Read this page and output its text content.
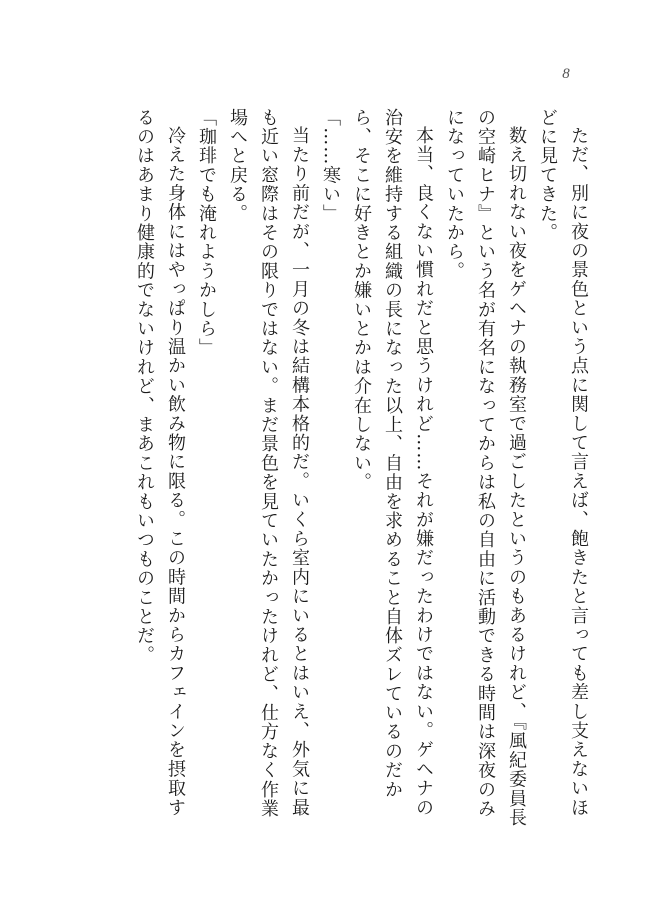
8

ただ、別に夜の景色という点に関して言えば、飽きたと言っても差し支えないほどに見てきた。

数え切れない夜をゲヘナの執務室で過ごしたというのもあるけれど、『風紀委員長の空崎ヒナ』という名が有名になってからは私の自由に活動できる時間は深夜のみになっていたから。

本当、良くない慣れだと思うけれど……それが嫌だったわけではない。ゲヘナの治安を維持する組織の長になった以上、自由を求めること自体ズレているのだから、そこに好きとか嫌いとかは介在しない。

「……寒い」

当たり前だが、一月の冬は結構本格的だ。いくら室内にいるとはいえ、外気に最も近い窓際はその限りではない。まだ景色を見ていたかったけれど、仕方なく作業場へと戻る。

「珈琲でも淹れようかしら」

冷えた身体にはやっぱり温かい飲み物に限る。この時間からカフェインを摂取するのはあまり健康的でないけれど、まあこれもいつものことだ。
